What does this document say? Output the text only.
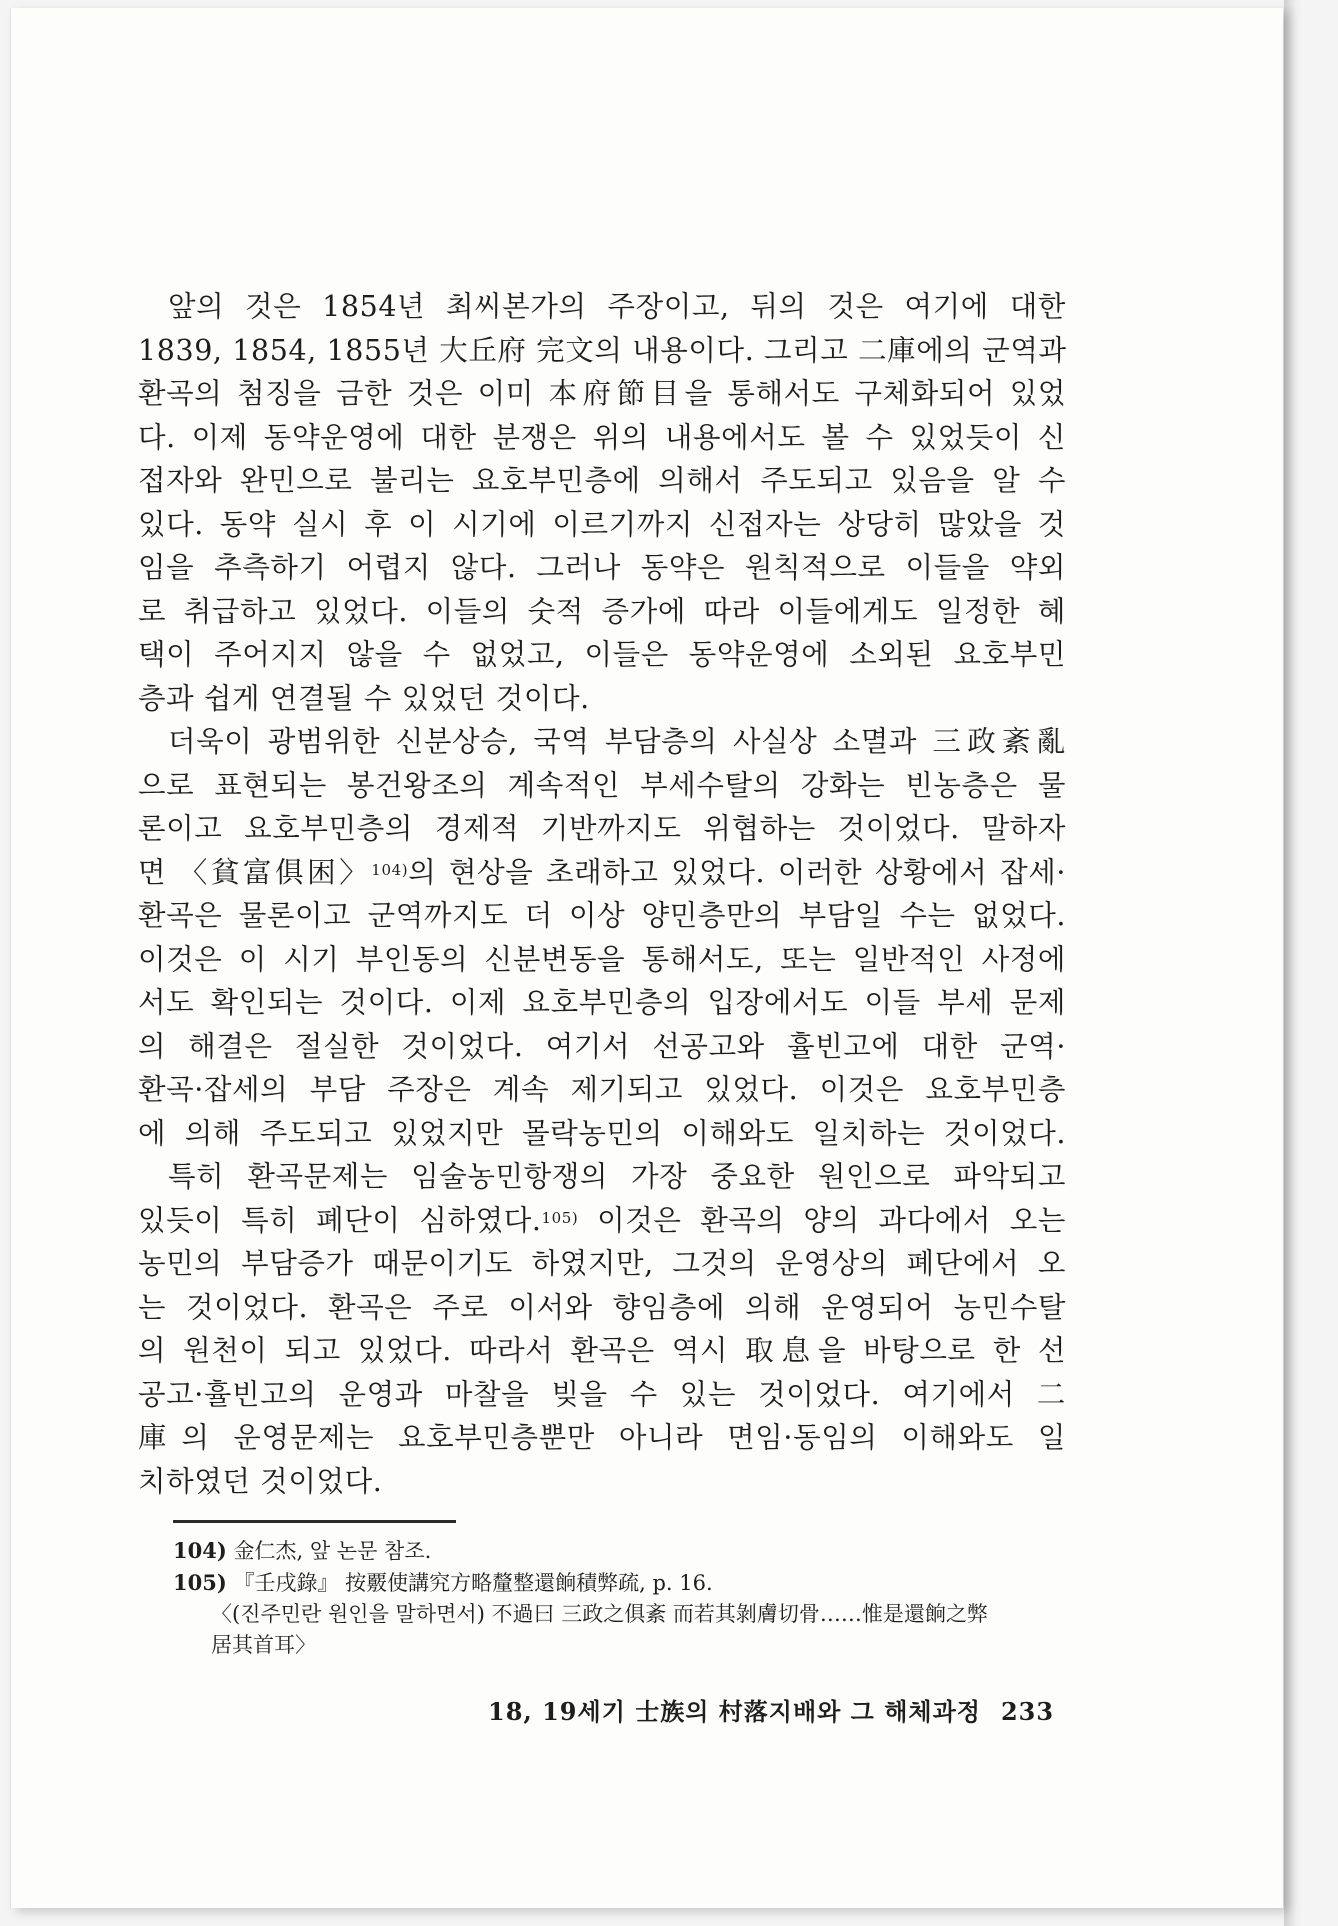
앞의 것은 1854년 최씨본가의 주장이고, 뒤의 것은 여기에 대한
1839, 1854, 1855년 大丘府 完文의 내용이다. 그리고 二庫에의 군역과
환곡의 첨징을 금한 것은 이미 本府節目을 통해서도 구체화되어 있었
다. 이제 동약운영에 대한 분쟁은 위의 내용에서도 볼 수 있었듯이 신
접자와 완민으로 불리는 요호부민층에 의해서 주도되고 있음을 알 수
있다. 동약 실시 후 이 시기에 이르기까지 신접자는 상당히 많았을 것
임을 추측하기 어렵지 않다. 그러나 동약은 원칙적으로 이들을 약외
로 취급하고 있었다. 이들의 숫적 증가에 따라 이들에게도 일정한 혜
택이 주어지지 않을 수 없었고, 이들은 동약운영에 소외된 요호부민
층과 쉽게 연결될 수 있었던 것이다.
더욱이 광범위한 신분상승, 국역 부담층의 사실상 소멸과 三政紊亂
으로 표현되는 봉건왕조의 계속적인 부세수탈의 강화는 빈농층은 물
론이고 요호부민층의 경제적 기반까지도 위협하는 것이었다. 말하자
면 〈貧富俱困〉$^{104)}$의 현상을 초래하고 있었다. 이러한 상황에서 잡세·
환곡은 물론이고 군역까지도 더 이상 양민층만의 부담일 수는 없었다.
이것은 이 시기 부인동의 신분변동을 통해서도, 또는 일반적인 사정에
서도 확인되는 것이다. 이제 요호부민층의 입장에서도 이들 부세 문제
의 해결은 절실한 것이었다. 여기서 선공고와 휼빈고에 대한 군역·
환곡·잡세의 부담 주장은 계속 제기되고 있었다. 이것은 요호부민층
에 의해 주도되고 있었지만 몰락농민의 이해와도 일치하는 것이었다.
특히 환곡문제는 임술농민항쟁의 가장 중요한 원인으로 파악되고
있듯이 특히 폐단이 심하였다.$^{105)}$ 이것은 환곡의 양의 과다에서 오는
농민의 부담증가 때문이기도 하였지만, 그것의 운영상의 폐단에서 오
는 것이었다. 환곡은 주로 이서와 향임층에 의해 운영되어 농민수탈
의 원천이 되고 있었다. 따라서 환곡은 역시 取息을 바탕으로 한 선
공고·휼빈고의 운영과 마찰을 빚을 수 있는 것이었다. 여기에서 二
庫의 운영문제는 요호부민층뿐만 아니라 면임·동임의 이해와도 일
치하였던 것이었다.
104) 金仁杰, 앞 논문 참조.
105) 『壬戌錄』 按覈使講究方略釐整還餉積弊疏, p. 16.
〈(진주민란 원인을 말하면서) 不過曰 三政之俱紊 而若其剝膚切骨……惟是還餉之弊
居其首耳〉
18, 19세기 士族의 村落지배와 그 해체과정 233
